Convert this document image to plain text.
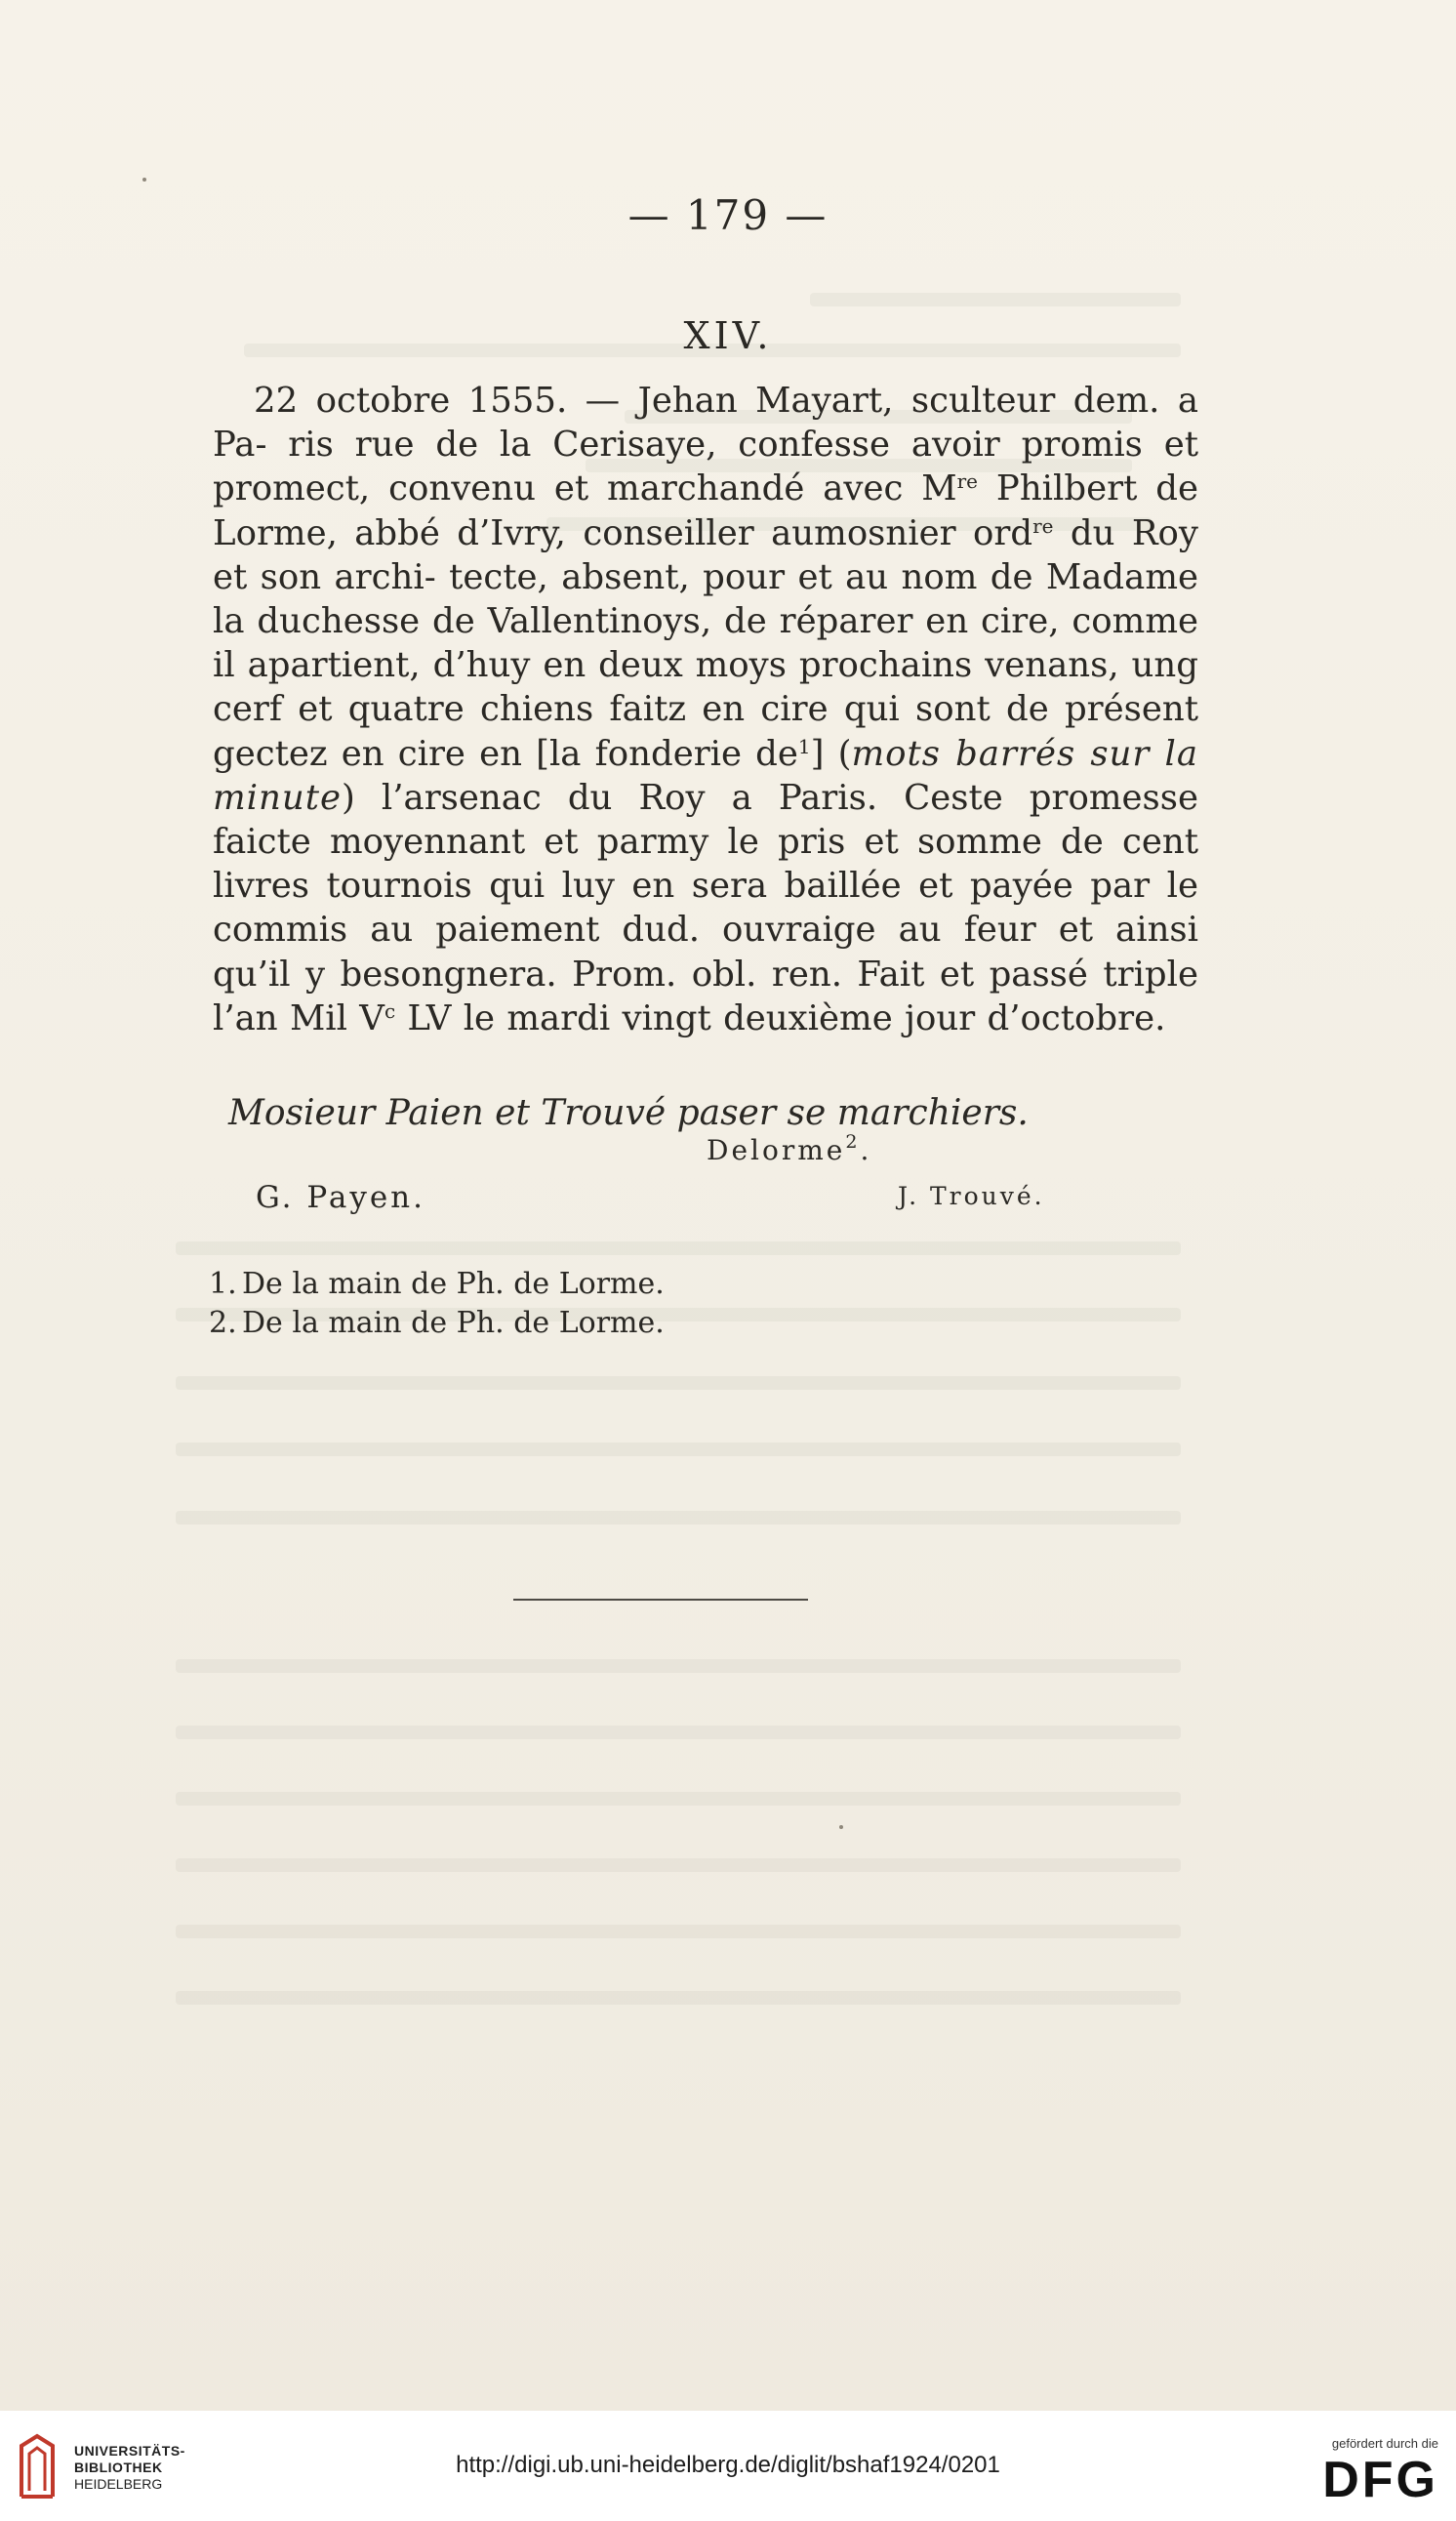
— 179 —
XIV.

22 octobre 1555. — Jehan Mayart, sculteur dem. a Pa- ris rue de la Cerisaye, confesse avoir promis et promect, convenu et marchandé avec Mre Philbert de Lorme, abbé d’Ivry, conseiller aumosnier ord$^{re}$ du Roy et son archi- tecte, absent, pour et au nom de Madame la duchesse de Vallentinoys, de réparer en cire, comme il apartient, d’huy en deux moys prochains venans, ung cerf et quatre chiens faitz en cire qui sont de présent gectez en cire en [la fonderie $de^1$] (mots barrés sur la minute) l’arsenac du Roy a Paris. Ceste promesse faicte moyennant et parmy le pris et somme de cent livres tournois qui luy en sera baillée et payée par le commis au paiement dud. ouvraige au feur et ainsi qu’il y besongnera. Prom. obl. ren. Fait et passé triple l’an Mil $V^c$ LV le mardi vingt deuxième jour d’octobre.

Mosieur Paien et Trouvé paser se marchiers.
Delorme$^2$.
G. Payen.	J. Trouvé.
1. De la main de Ph. de Lorme.
2. De la main de Ph. de Lorme.
UNIVERSITÄTS-
BIBLIOTHEK
HEIDELBERG
http://digi.ub.uni-heidelberg.de/diglit/bshaf1924/0201
gefördert durch die
DFG
